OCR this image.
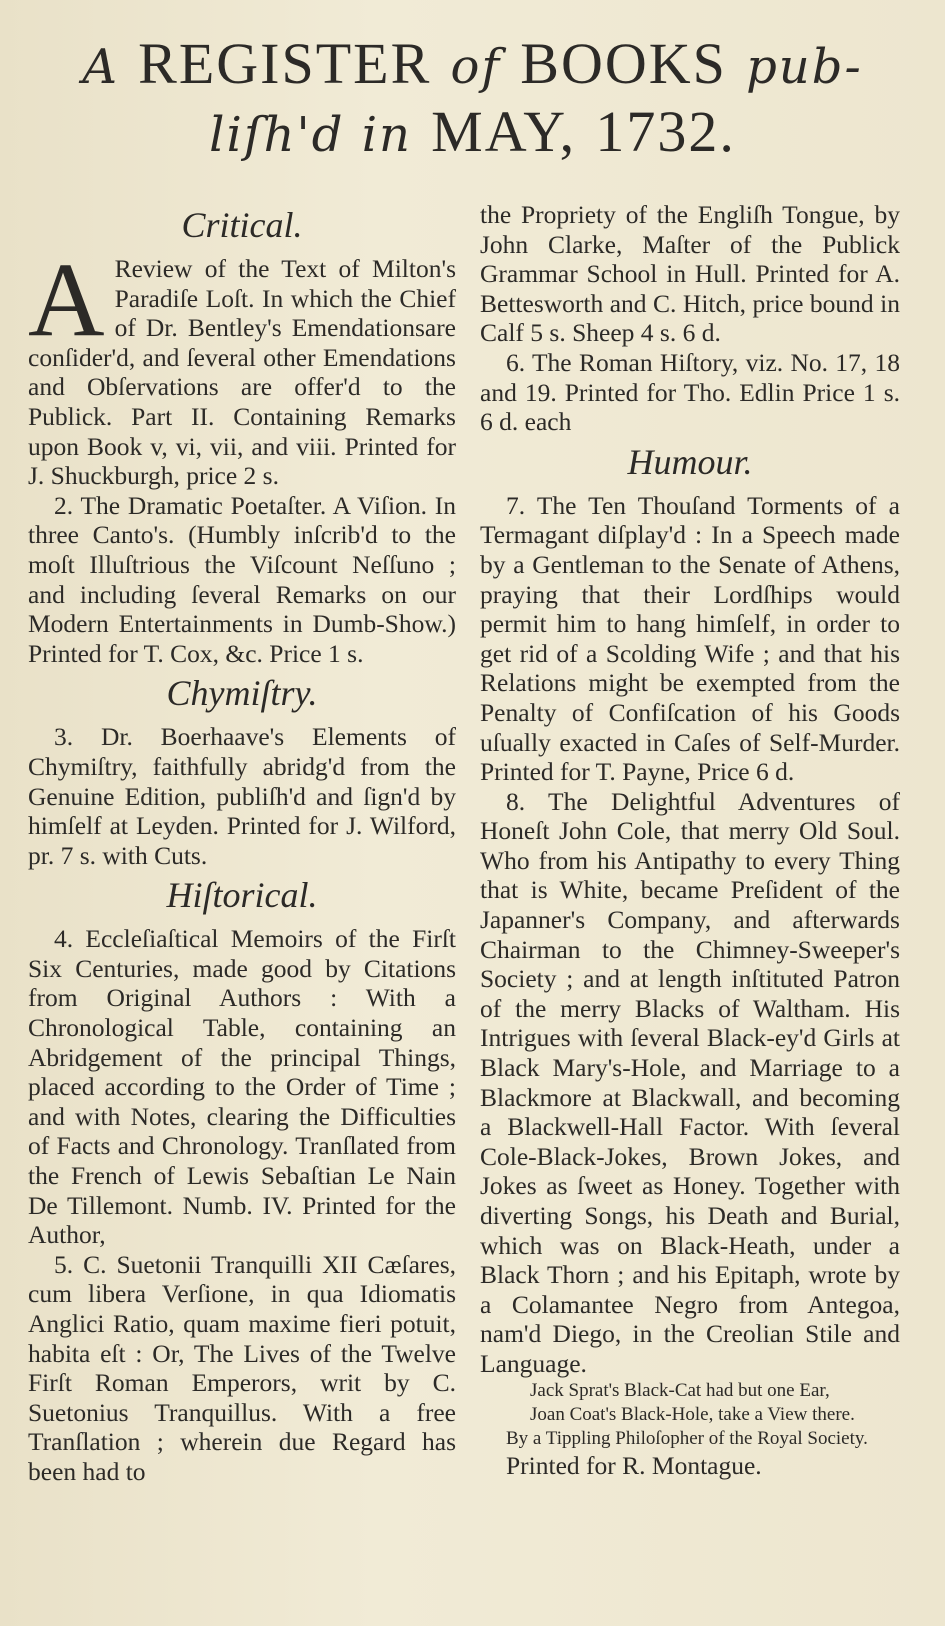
A REGISTER of BOOKS pub-
liſh'd in MAY, 1732.
Critical.

A Review of the Text of Milton's Paradiſe Loſt. In which the Chief of Dr. Bentley's Emendationsare conſider'd, and ſeveral other Emendations and Obſervations are offer'd to the Publick. Part II. Containing Remarks upon Book v, vi, vii, and viii. Printed for J. Shuckburgh, price 2 s.

2. The Dramatic Poetaſter. A Viſion. In three Canto's. (Humbly inſcrib'd to the moſt Illuſtrious the Viſcount Neſſuno ; and including ſeveral Remarks on our Modern Entertainments in Dumb-Show.) Printed for T. Cox, &c. Price 1 s.

Chymiſtry.

3. Dr. Boerhaave's Elements of Chymiſtry, faithfully abridg'd from the Genuine Edition, publiſh'd and ſign'd by himſelf at Leyden. Printed for J. Wilford, pr. 7 s. with Cuts.

Hiſtorical.

4. Eccleſiaſtical Memoirs of the Firſt Six Centuries, made good by Citations from Original Authors : With a Chronological Table, containing an Abridgement of the principal Things, placed according to the Order of Time ; and with Notes, clearing the Difficulties of Facts and Chronology. Tranſlated from the French of Lewis Sebaſtian Le Nain De Tillemont. Numb. IV. Printed for the Author,

5. C. Suetonii Tranquilli XII Cæſares, cum libera Verſione, in qua Idiomatis Anglici Ratio, quam maxime fieri potuit, habita eſt : Or, The Lives of the Twelve Firſt Roman Emperors, writ by C. Suetonius Tranquillus. With a free Tranſlation ; wherein due Regard has been had to

the Propriety of the Engliſh Tongue, by John Clarke, Maſter of the Publick Grammar School in Hull. Printed for A. Bettesworth and C. Hitch, price bound in Calf 5 s. Sheep 4 s. 6 d.

6. The Roman Hiſtory, viz. No. 17, 18 and 19. Printed for Tho. Edlin Price 1 s. 6 d. each

Humour.

7. The Ten Thouſand Torments of a Termagant diſplay'd : In a Speech made by a Gentleman to the Senate of Athens, praying that their Lordſhips would permit him to hang himſelf, in order to get rid of a Scolding Wife ; and that his Relations might be exempted from the Penalty of Confiſcation of his Goods uſually exacted in Caſes of Self-Murder. Printed for T. Payne, Price 6 d.

8. The Delightful Adventures of Honeſt John Cole, that merry Old Soul. Who from his Antipathy to every Thing that is White, became Preſident of the Japanner's Company, and afterwards Chairman to the Chimney-Sweeper's Society ; and at length inſtituted Patron of the merry Blacks of Waltham. His Intrigues with ſeveral Black-ey'd Girls at Black Mary's-Hole, and Marriage to a Blackmore at Blackwall, and becoming a Blackwell-Hall Factor. With ſeveral Cole-Black-Jokes, Brown Jokes, and Jokes as ſweet as Honey. Together with diverting Songs, his Death and Burial, which was on Black-Heath, under a Black Thorn ; and his Epitaph, wrote by a Colamantee Negro from Antegoa, nam'd Diego, in the Creolian Stile and Language.

Jack Sprat's Black-Cat had but one Ear,
Joan Coat's Black-Hole, take a View there.
By a Tippling Philoſopher of the Royal Society.

Printed for R. Montague.
